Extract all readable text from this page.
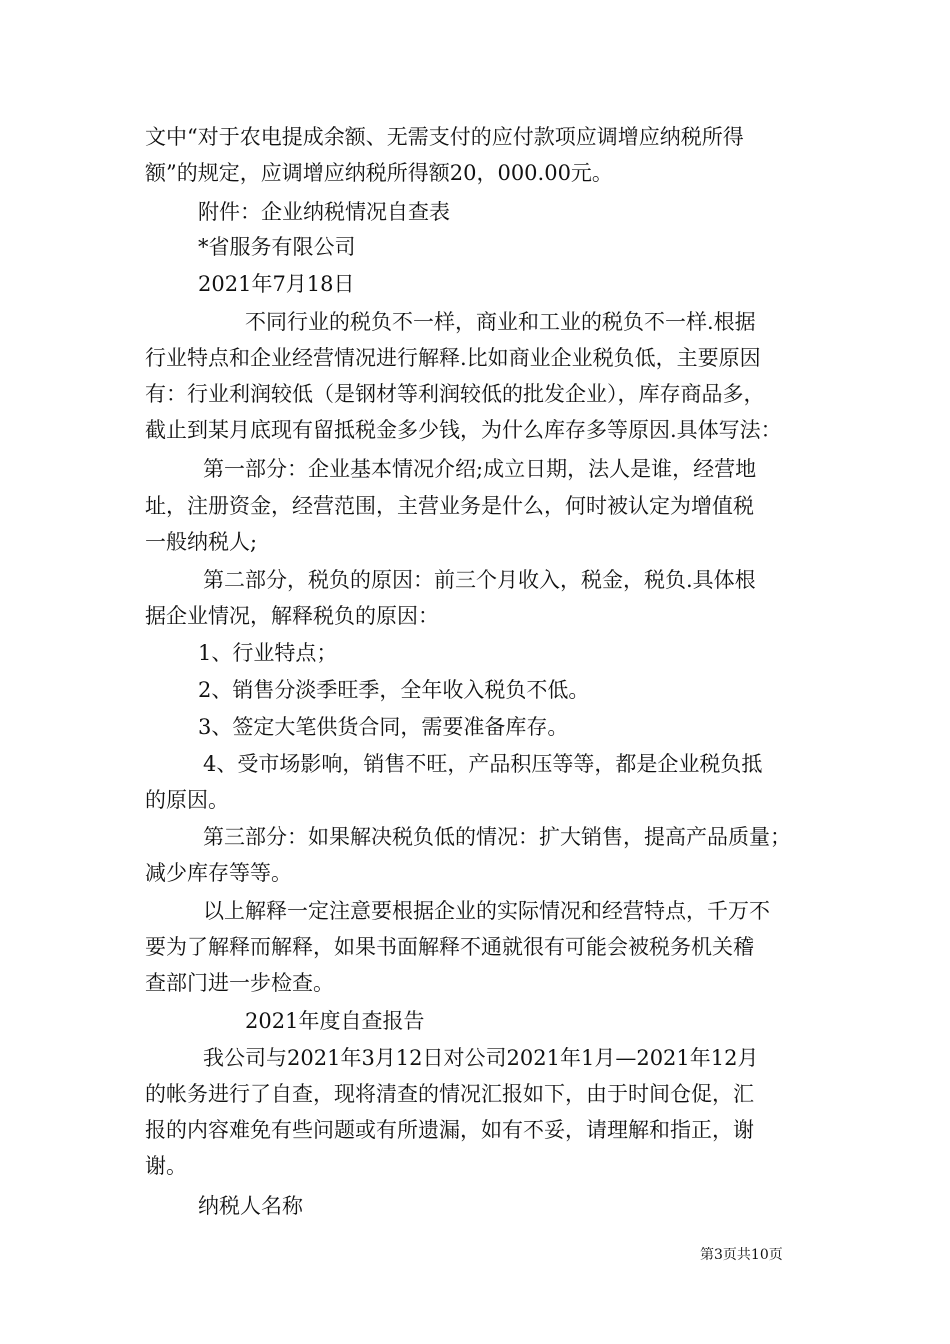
文中“对于农电提成余额、无需支付的应付款项应调增应纳税所得
额”的规定，应调增应纳税所得额20，000.00元。
附件：企业纳税情况自查表
*省服务有限公司
2021年7月18日
不同行业的税负不一样，商业和工业的税负不一样.根据
行业特点和企业经营情况进行解释.比如商业企业税负低，主要原因
有：行业利润较低（是钢材等利润较低的批发企业），库存商品多，
截止到某月底现有留抵税金多少钱，为什么库存多等原因.具体写法：
第一部分：企业基本情况介绍;成立日期，法人是谁，经营地
址，注册资金，经营范围，主营业务是什么，何时被认定为增值税
一般纳税人;
第二部分，税负的原因：前三个月收入，税金，税负.具体根
据企业情况，解释税负的原因：
1、行业特点；
2、销售分淡季旺季，全年收入税负不低。
3、签定大笔供货合同，需要准备库存。
4、受市场影响，销售不旺，产品积压等等，都是企业税负抵
的原因。
第三部分：如果解决税负低的情况：扩大销售，提高产品质量；
减少库存等等。
以上解释一定注意要根据企业的实际情况和经营特点，千万不
要为了解释而解释，如果书面解释不通就很有可能会被税务机关稽
查部门进一步检查。
2021年度自查报告
我公司与2021年3月12日对公司2021年1月—2021年12月
的帐务进行了自查，现将清查的情况汇报如下，由于时间仓促，汇
报的内容难免有些问题或有所遗漏，如有不妥，请理解和指正，谢
谢。
纳税人名称
第3页共10页
